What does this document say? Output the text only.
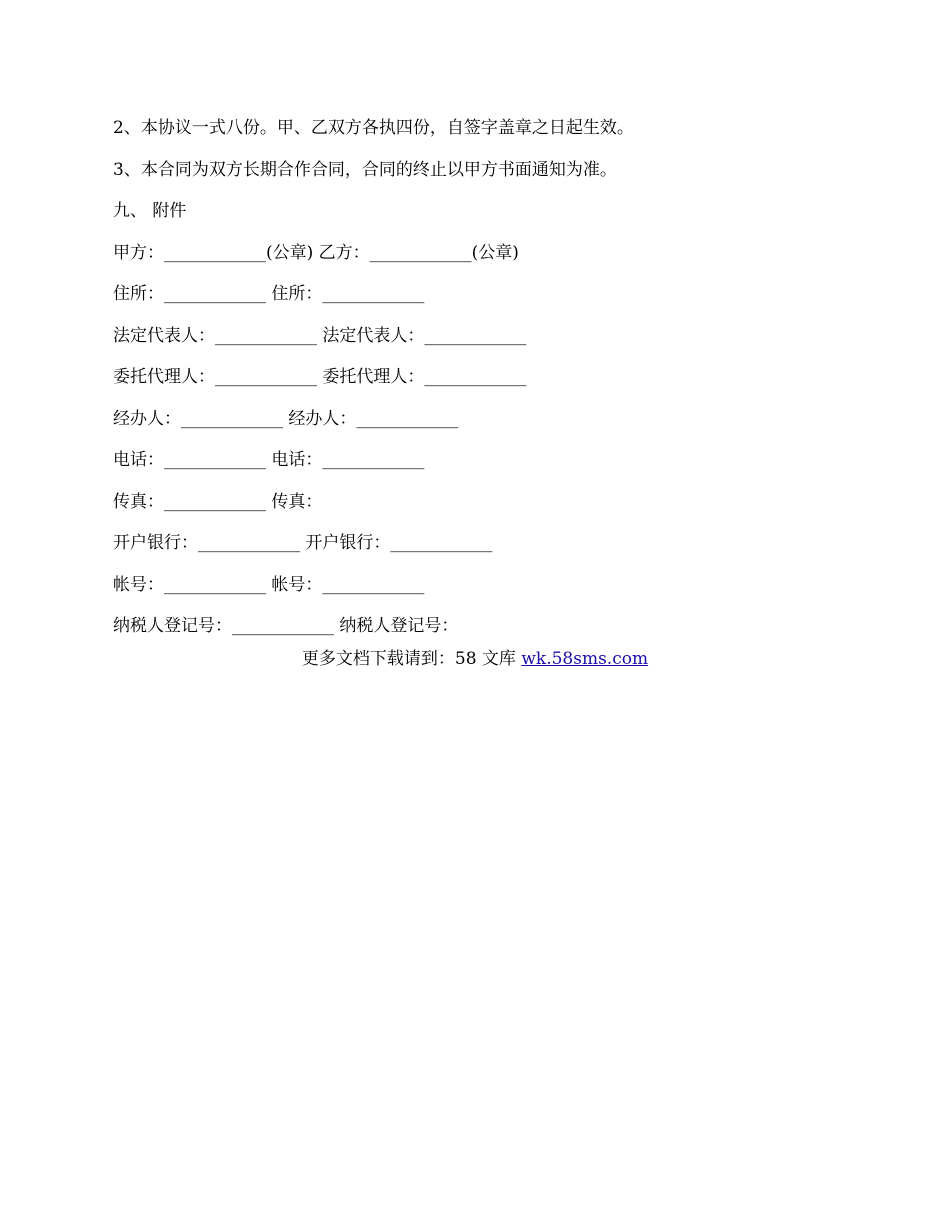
2、本协议一式八份。甲、乙双方各执四份，自签字盖章之日起生效。
3、本合同为双方长期合作合同，合同的终止以甲方书面通知为准。
九、 附件
甲方：____________(公章) 乙方：____________(公章)
住所：____________ 住所：____________
法定代表人：____________ 法定代表人：____________
委托代理人：____________ 委托代理人：____________
经办人：____________ 经办人：____________
电话：____________ 电话：____________
传真：____________ 传真：
开户银行：____________ 开户银行：____________
帐号：____________ 帐号：____________
纳税人登记号：____________ 纳税人登记号：
更多文档下载请到：58 文库 wk.58sms.com
